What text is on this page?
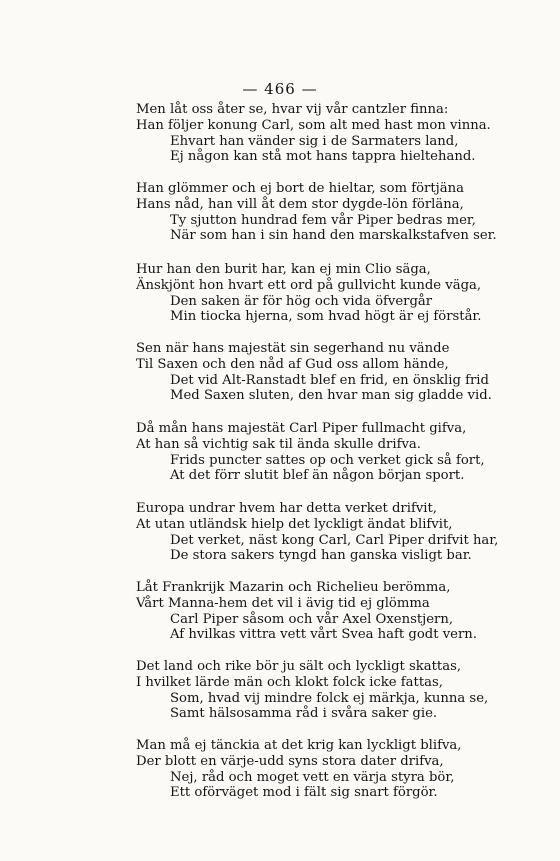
— 466 —
Men låt oss åter se, hvar vij vår cantzler finna:
Han följer konung Carl, som alt med hast mon vinna.
Ehvart han vänder sig i de Sarmaters land,
Ej någon kan stå mot hans tappra hieltehand.
Han glömmer och ej bort de hieltar, som förtjäna
Hans nåd, han vill åt dem stor dygde-lön förläna,
Ty sjutton hundrad fem vår Piper bedras mer,
När som han i sin hand den marskalkstafven ser.
Hur han den burit har, kan ej min Clio säga,
Änskjönt hon hvart ett ord på gullvicht kunde väga,
Den saken är för hög och vida öfvergår
Min tiocka hjerna, som hvad högt är ej förstår.
Sen när hans majestät sin segerhand nu vände
Til Saxen och den nåd af Gud oss allom hände,
Det vid Alt-Ranstadt blef en frid, en önsklig frid
Med Saxen sluten, den hvar man sig gladde vid.
Då mån hans majestät Carl Piper fullmacht gifva,
At han så vichtig sak til ända skulle drifva.
Frids puncter sattes op och verket gick så fort,
At det förr slutit blef än någon början sport.
Europa undrar hvem har detta verket drifvit,
At utan utländsk hielp det lyckligt ändat blifvit,
Det verket, näst kong Carl, Carl Piper drifvit har,
De stora sakers tyngd han ganska visligt bar.
Låt Frankrijk Mazarin och Richelieu berömma,
Vårt Manna-hem det vil i ävig tid ej glömma
Carl Piper såsom och vår Axel Oxenstjern,
Af hvilkas vittra vett vårt Svea haft godt vern.
Det land och rike bör ju sält och lyckligt skattas,
I hvilket lärde män och klokt folck icke fattas,
Som, hvad vij mindre folck ej märkja, kunna se,
Samt hälsosamma råd i svåra saker gie.
Man må ej tänckia at det krig kan lyckligt blifva,
Der blott en värje-udd syns stora dater drifva,
Nej, råd och moget vett en värja styra bör,
Ett oförväget mod i fält sig snart förgör.
